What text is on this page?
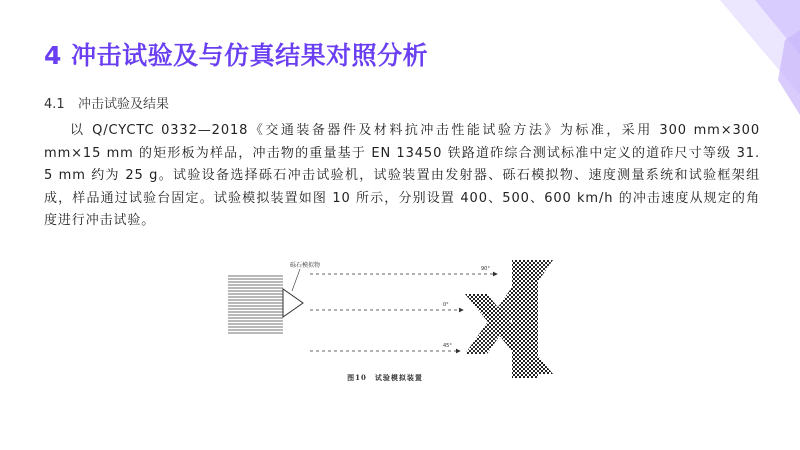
4 冲击试验及与仿真结果对照分析
4.1 冲击试验及结果

以 Q/CYCTC 0332—2018《交通装备器件及材料抗冲击性能试验方法》为标准，采用 300 mm×300 mm×15 mm 的矩形板为样品，冲击物的重量基于 EN 13450 铁路道砟综合测试标准中定义的道砟尺寸等级 31. 5 mm 约为 25 g。试验设备选择砾石冲击试验机，试验装置由发射器、砾石模拟物、速度测量系统和试验框架组成，样品通过试验台固定。试验模拟装置如图 10 所示，分别设置 400、500、600 km/h 的冲击速度从规定的角度进行冲击试验。

砾石模拟物	90°
0°
45°
图10　试验模拟装置
